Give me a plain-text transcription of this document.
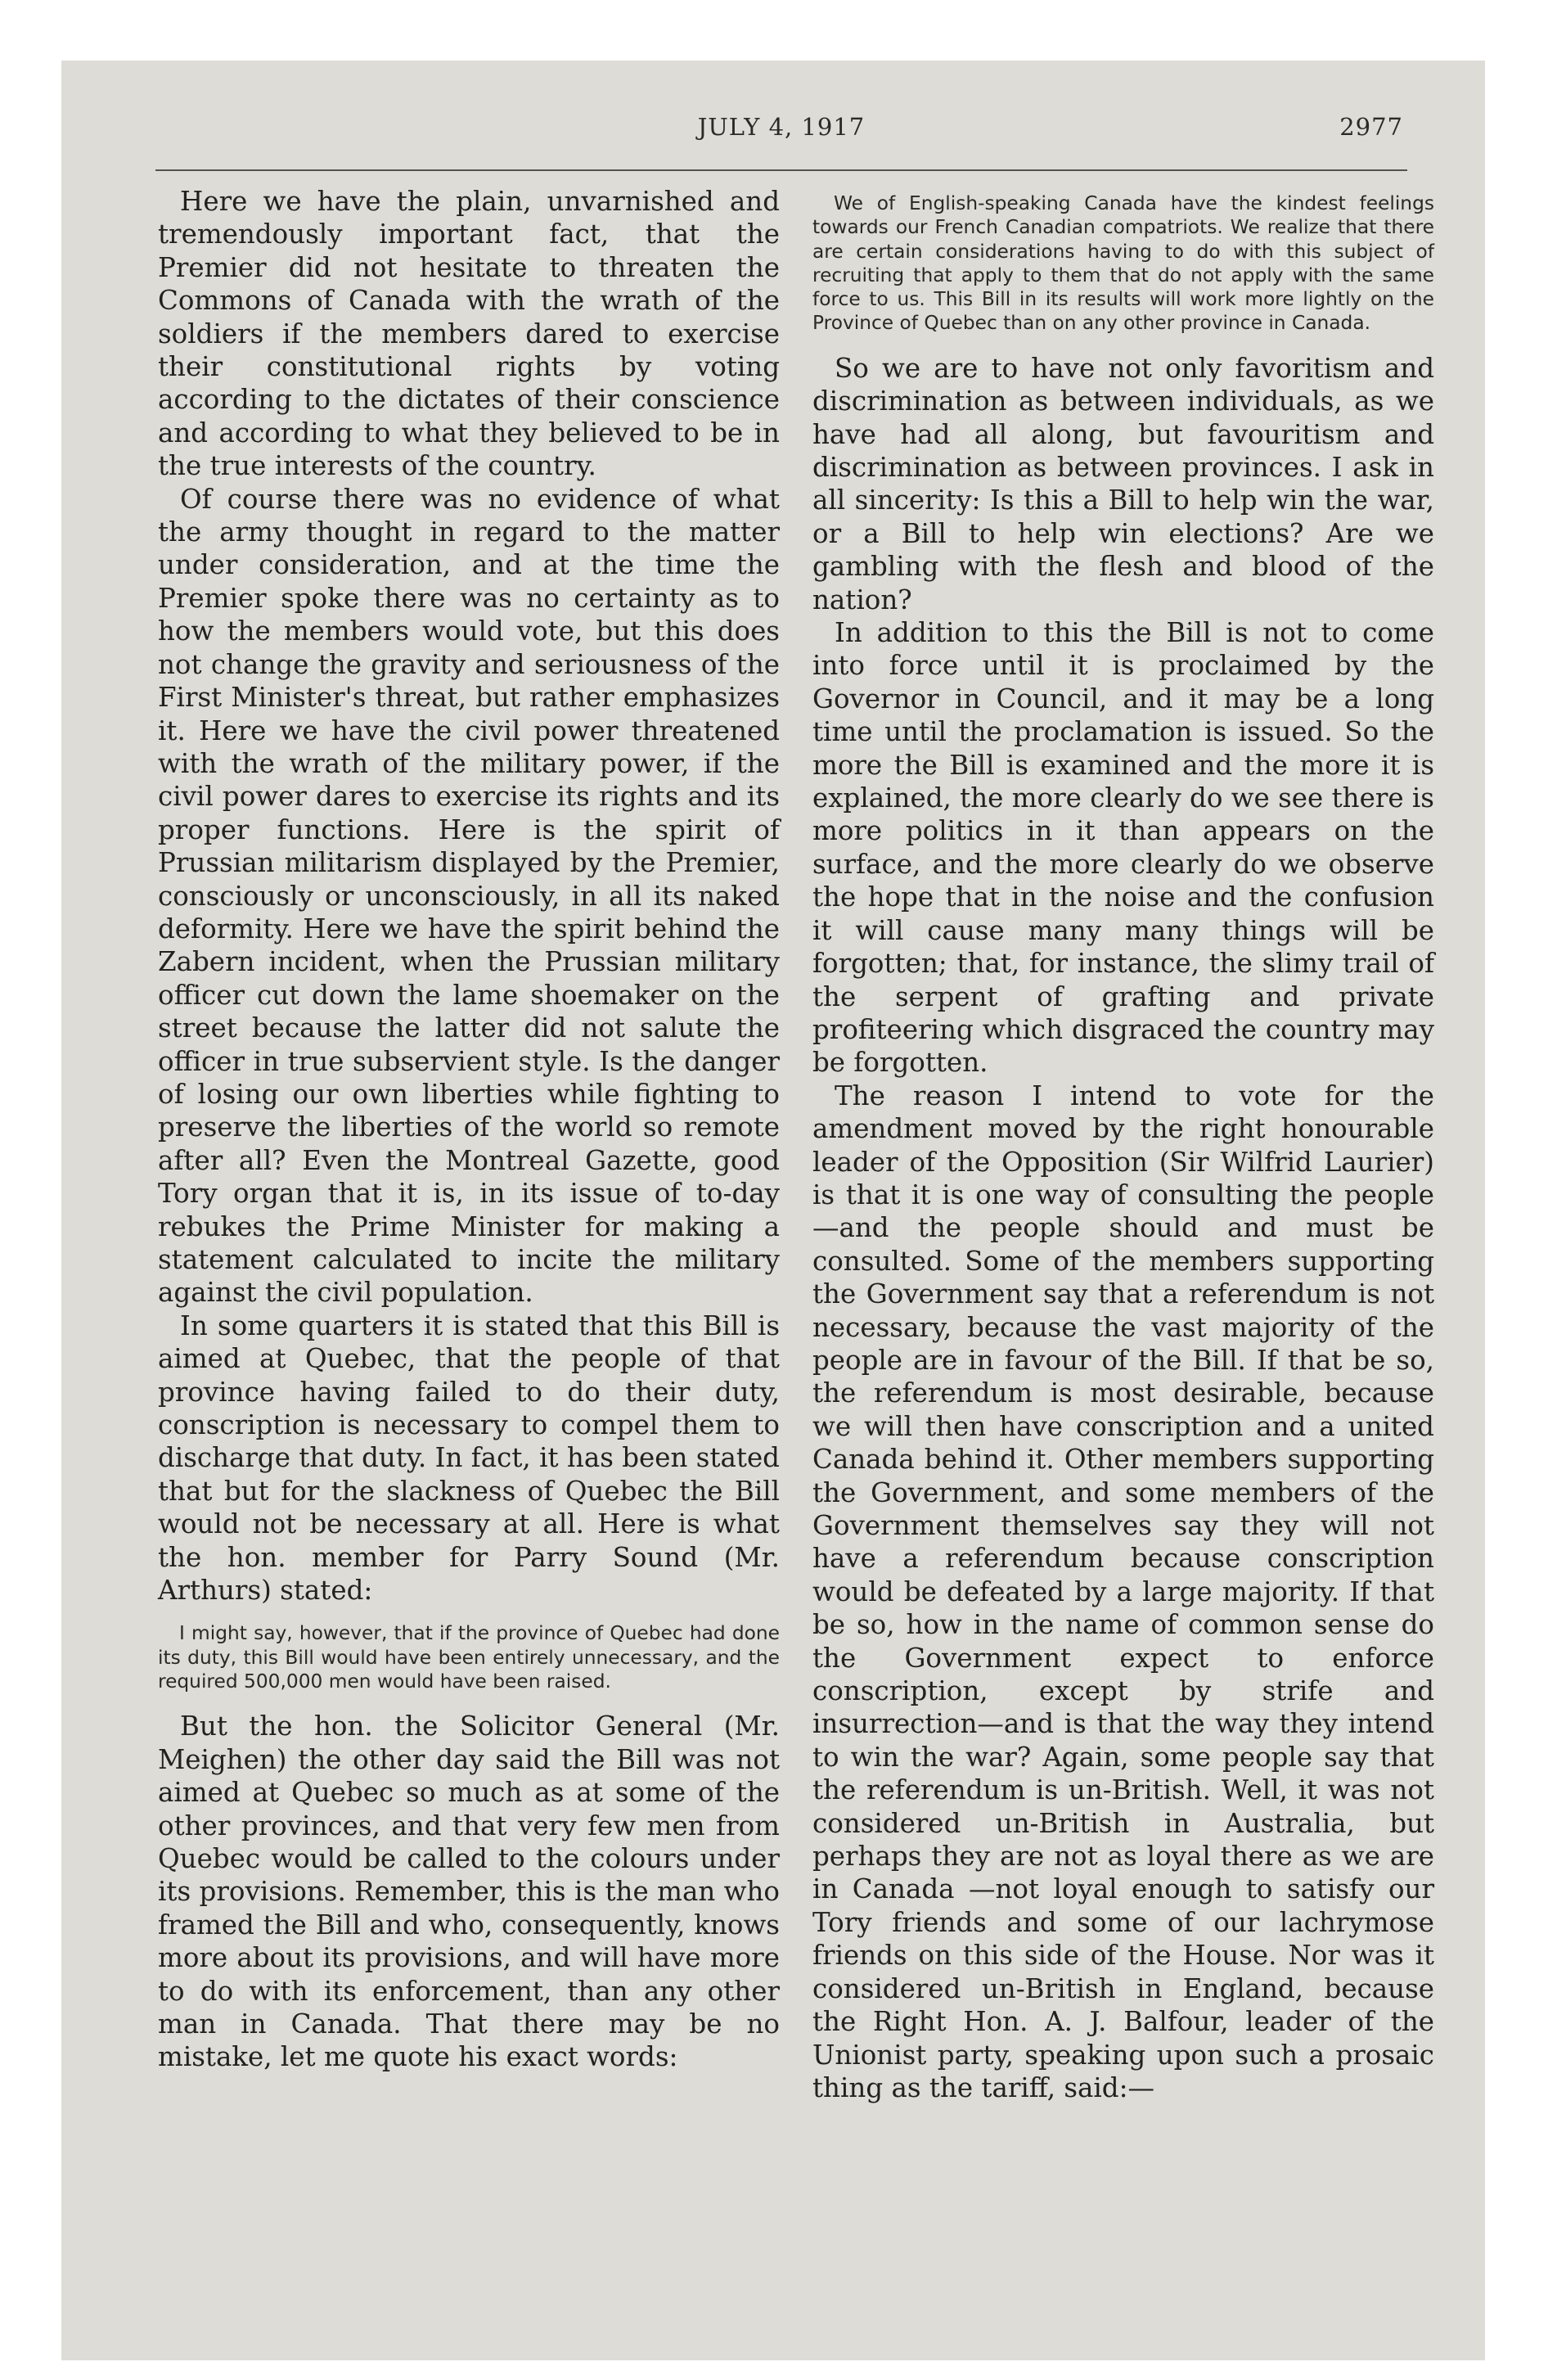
JULY 4, 1917	2977

Here we have the plain, unvarnished and tremendously important fact, that the Premier did not hesitate to threaten the Commons of Canada with the wrath of the soldiers if the members dared to exercise their constitutional rights by voting according to the dictates of their conscience and according to what they believed to be in the true interests of the country.

Of course there was no evidence of what the army thought in regard to the matter under consideration, and at the time the Premier spoke there was no certainty as to how the members would vote, but this does not change the gravity and seriousness of the First Minister's threat, but rather emphasizes it. Here we have the civil power threatened with the wrath of the military power, if the civil power dares to exercise its rights and its proper functions. Here is the spirit of Prussian militarism displayed by the Premier, consciously or unconsciously, in all its naked deformity. Here we have the spirit behind the Zabern incident, when the Prussian military officer cut down the lame shoemaker on the street because the latter did not salute the officer in true subservient style. Is the danger of losing our own liberties while fighting to preserve the liberties of the world so remote after all? Even the Montreal Gazette, good Tory organ that it is, in its issue of to-day rebukes the Prime Minister for making a statement calculated to incite the military against the civil population.

In some quarters it is stated that this Bill is aimed at Quebec, that the people of that province having failed to do their duty, conscription is necessary to compel them to discharge that duty. In fact, it has been stated that but for the slackness of Quebec the Bill would not be necessary at all. Here is what the hon. member for Parry Sound (Mr. Arthurs) stated:

I might say, however, that if the province of Quebec had done its duty, this Bill would have been entirely unnecessary, and the required 500,000 men would have been raised.

But the hon. the Solicitor General (Mr. Meighen) the other day said the Bill was not aimed at Quebec so much as at some of the other provinces, and that very few men from Quebec would be called to the colours under its provisions. Remember, this is the man who framed the Bill and who, consequently, knows more about its provisions, and will have more to do with its enforcement, than any other man in Canada. That there may be no mistake, let me quote his exact words:

We of English-speaking Canada have the kindest feelings towards our French Canadian compatriots. We realize that there are certain considerations having to do with this subject of recruiting that apply to them that do not apply with the same force to us. This Bill in its results will work more lightly on the Province of Quebec than on any other province in Canada.

So we are to have not only favoritism and discrimination as between individuals, as we have had all along, but favouritism and discrimination as between provinces. I ask in all sincerity: Is this a Bill to help win the war, or a Bill to help win elections? Are we gambling with the flesh and blood of the nation?

In addition to this the Bill is not to come into force until it is proclaimed by the Governor in Council, and it may be a long time until the proclamation is issued. So the more the Bill is examined and the more it is explained, the more clearly do we see there is more politics in it than appears on the surface, and the more clearly do we observe the hope that in the noise and the confusion it will cause many many things will be forgotten; that, for instance, the slimy trail of the serpent of grafting and private profiteering which disgraced the country may be forgotten.

The reason I intend to vote for the amendment moved by the right honourable leader of the Opposition (Sir Wilfrid Laurier) is that it is one way of consulting the people—and the people should and must be consulted. Some of the members supporting the Government say that a referendum is not necessary, because the vast majority of the people are in favour of the Bill. If that be so, the referendum is most desirable, because we will then have conscription and a united Canada behind it. Other members supporting the Government, and some members of the Government themselves say they will not have a referendum because conscription would be defeated by a large majority. If that be so, how in the name of common sense do the Government expect to enforce conscription, except by strife and insurrection—and is that the way they intend to win the war? Again, some people say that the referendum is un-British. Well, it was not considered un-British in Australia, but perhaps they are not as loyal there as we are in Canada —not loyal enough to satisfy our Tory friends and some of our lachrymose friends on this side of the House. Nor was it considered un-British in England, because the Right Hon. A. J. Balfour, leader of the Unionist party, speaking upon such a prosaic thing as the tariff, said:—
